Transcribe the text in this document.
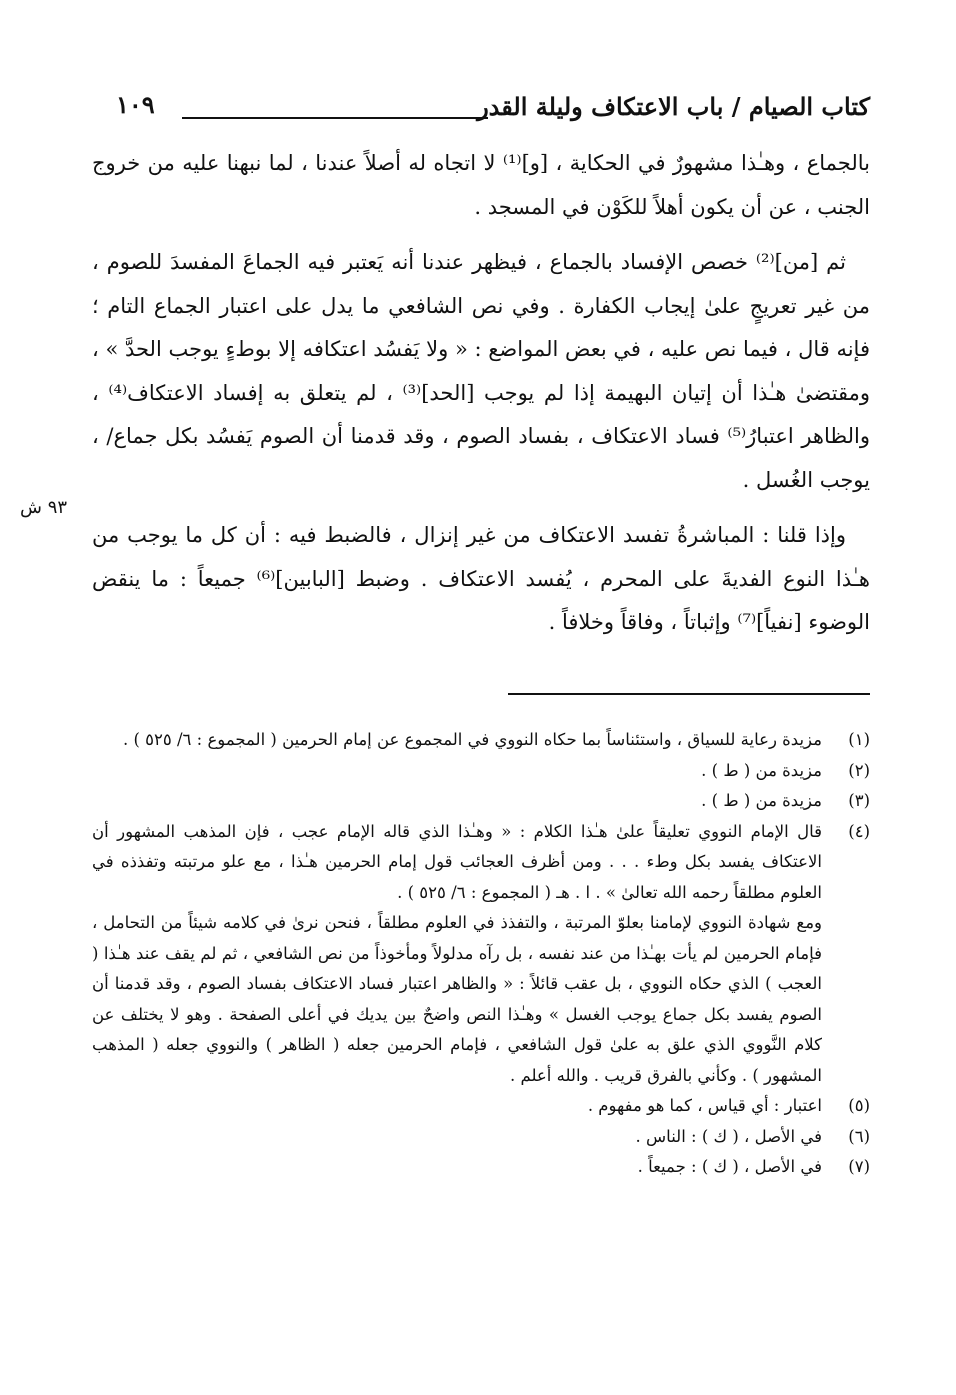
كتاب الصيام / باب الاعتكاف وليلة القدر
١٠٩

بالجماع ، وهـٰذا مشهورٌ في الحكاية ، [و]⁽¹⁾ لا اتجاه له أصلاً عندنا ، لما نبهنا عليه من خروج الجنب ، عن أن يكون أهلاً للكَوْن في المسجد .

ثم [من]⁽²⁾ خصص الإفساد بالجماع ، فيظهر عندنا أنه يَعتبر فيه الجماعَ المفسدَ للصوم ، من غير تعريجٍ علىٰ إيجاب الكفارة . وفي نص الشافعي ما يدل على اعتبار الجماع التام ؛ فإنه قال ، فيما نص عليه ، في بعض المواضع : « ولا يَفسُد اعتكافه إلا بوطءٍ يوجب الحدَّ » ، ومقتضىٰ هـٰذا أن إتيان البهيمة إذا لم يوجب [الحد]⁽³⁾ ، لم يتعلق به إفساد الاعتكاف⁽⁴⁾ ، والظاهر اعتبارُ⁽⁵⁾ فساد الاعتكاف ، بفساد الصوم ، وقد قدمنا أن الصوم يَفسُد بكل جماع/ ، يوجب الغُسل .

وإذا قلنا : المباشرةُ تفسد الاعتكاف من غير إنزال ، فالضبط فيه : أن كل ما يوجب من هـٰذا النوع الفديةَ على المحرم ، يُفسد الاعتكاف . وضبط [البابين]⁽⁶⁾ جميعاً : ما ينقض الوضوء [نفياً]⁽⁷⁾ وإثباتاً ، وفاقاً وخلافاً .

٩٣ ش
(١)
مزيدة رعاية للسياق ، واستئناساً بما حكاه النووي في المجموع عن إمام الحرمين ( المجموع : ٦/ ٥٢٥ ) .
(٢)
مزيدة من ( ط ) .
(٣)
مزيدة من ( ط ) .
(٤)
قال الإمام النووي تعليقاً علىٰ هـٰذا الكلام : « وهـٰذا الذي قاله الإمام عجب ، فإن المذهب المشهور أن الاعتكاف يفسد بكل وطء . . . ومن أظرف العجائب قول إمام الحرمين هـٰذا ، مع علو مرتبته وتفذذه في العلوم مطلقاً رحمه الله تعالىٰ » . ا . هـ ( المجموع : ٦/ ٥٢٥ ) .
ومع شهادة النووي لإمامنا بعلوّ المرتبة ، والتفذذ في العلوم مطلقاً ، فنحن نرىٰ في كلامه شيئاً من التحامل ، فإمام الحرمين لم يأت بهـٰذا من عند نفسه ، بل رآه مدلولاً ومأخوذاً من نص الشافعي ، ثم لم يقف عند هـٰذا ( العجب ) الذي حكاه النووي ، بل عقب قائلاً : « والظاهر اعتبار فساد الاعتكاف بفساد الصوم ، وقد قدمنا أن الصوم يفسد بكل جماع يوجب الغسل » وهـٰذا النص واضحٌ بين يديك في أعلى الصفحة . وهو لا يختلف عن كلام النَّووي الذي علق به علىٰ قول الشافعي ، فإمام الحرمين جعله ( الظاهر ) والنووي جعله ( المذهب المشهور ) . وكأني بالفرق قريب . والله أعلم .
(٥)
اعتبار : أي قياس ، كما هو مفهوم .
(٦)
في الأصل ، ( ك ) : الناس .
(٧)
في الأصل ، ( ك ) : جميعاً .
